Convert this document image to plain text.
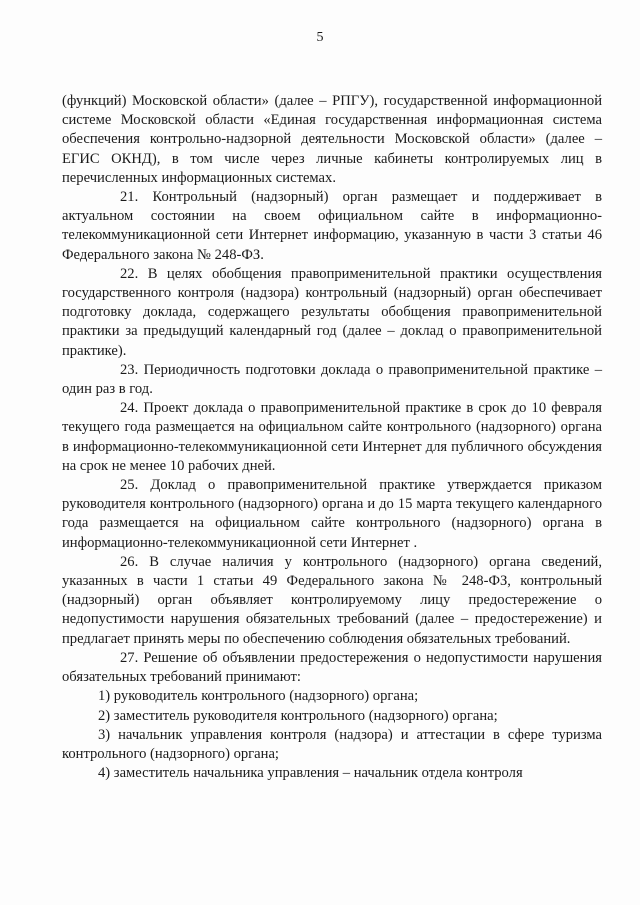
5

(функций) Московской области» (далее – РПГУ), государственной информационной системе Московской области «Единая государственная информационная система обеспечения контрольно-надзорной деятельности Московской области» (далее – ЕГИС ОКНД), в том числе через личные кабинеты контролируемых лиц в перечисленных информационных системах.

21. Контрольный (надзорный) орган размещает и поддерживает в актуальном состоянии на своем официальном сайте в информационно-телекоммуникационной сети Интернет информацию, указанную в части 3 статьи 46 Федерального закона № 248-ФЗ.

22. В целях обобщения правоприменительной практики осуществления государственного контроля (надзора) контрольный (надзорный) орган обеспечивает подготовку доклада, содержащего результаты обобщения правоприменительной практики за предыдущий календарный год (далее – доклад о правоприменительной практике).

23. Периодичность подготовки доклада о правоприменительной практике – один раз в год.

24. Проект доклада о правоприменительной практике в срок до 10 февраля текущего года размещается на официальном сайте контрольного (надзорного) органа в информационно-телекоммуникационной сети Интернет для публичного обсуждения на срок не менее 10 рабочих дней.

25. Доклад о правоприменительной практике утверждается приказом руководителя контрольного (надзорного) органа и до 15 марта текущего календарного года размещается на официальном сайте контрольного (надзорного) органа в информационно-телекоммуникационной сети Интернет .

26. В случае наличия у контрольного (надзорного) органа сведений, указанных в части 1 статьи 49 Федерального закона № 248-ФЗ, контрольный (надзорный) орган объявляет контролируемому лицу предостережение о недопустимости нарушения обязательных требований (далее – предостережение) и предлагает принять меры по обеспечению соблюдения обязательных требований.

27. Решение об объявлении предостережения о недопустимости нарушения обязательных требований принимают:

1) руководитель контрольного (надзорного) органа;

2) заместитель руководителя контрольного (надзорного) органа;

3) начальник управления контроля (надзора) и аттестации в сфере туризма контрольного (надзорного) органа;

4) заместитель начальника управления – начальник отдела контроля
